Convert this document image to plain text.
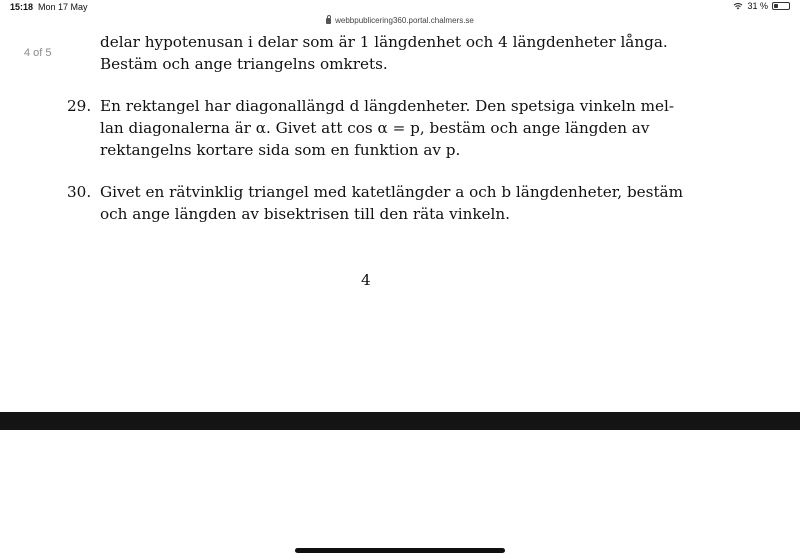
15:18 Mon 17 May	31 %
webbpublicering360.portal.chalmers.se
4 of 5
delar hypotenusan i delar som är 1 längdenhet och 4 längdenheter långa.
Bestäm och ange triangelns omkrets.
29. En rektangel har diagonallängd d längdenheter. Den spetsiga vinkeln mel-
lan diagonalerna är α. Givet att cos α = p, bestäm och ange längden av
rektangelns kortare sida som en funktion av p.
30. Givet en rätvinklig triangel med katetlängder a och b längdenheter, bestäm
och ange längden av bisektrisen till den räta vinkeln.
4
